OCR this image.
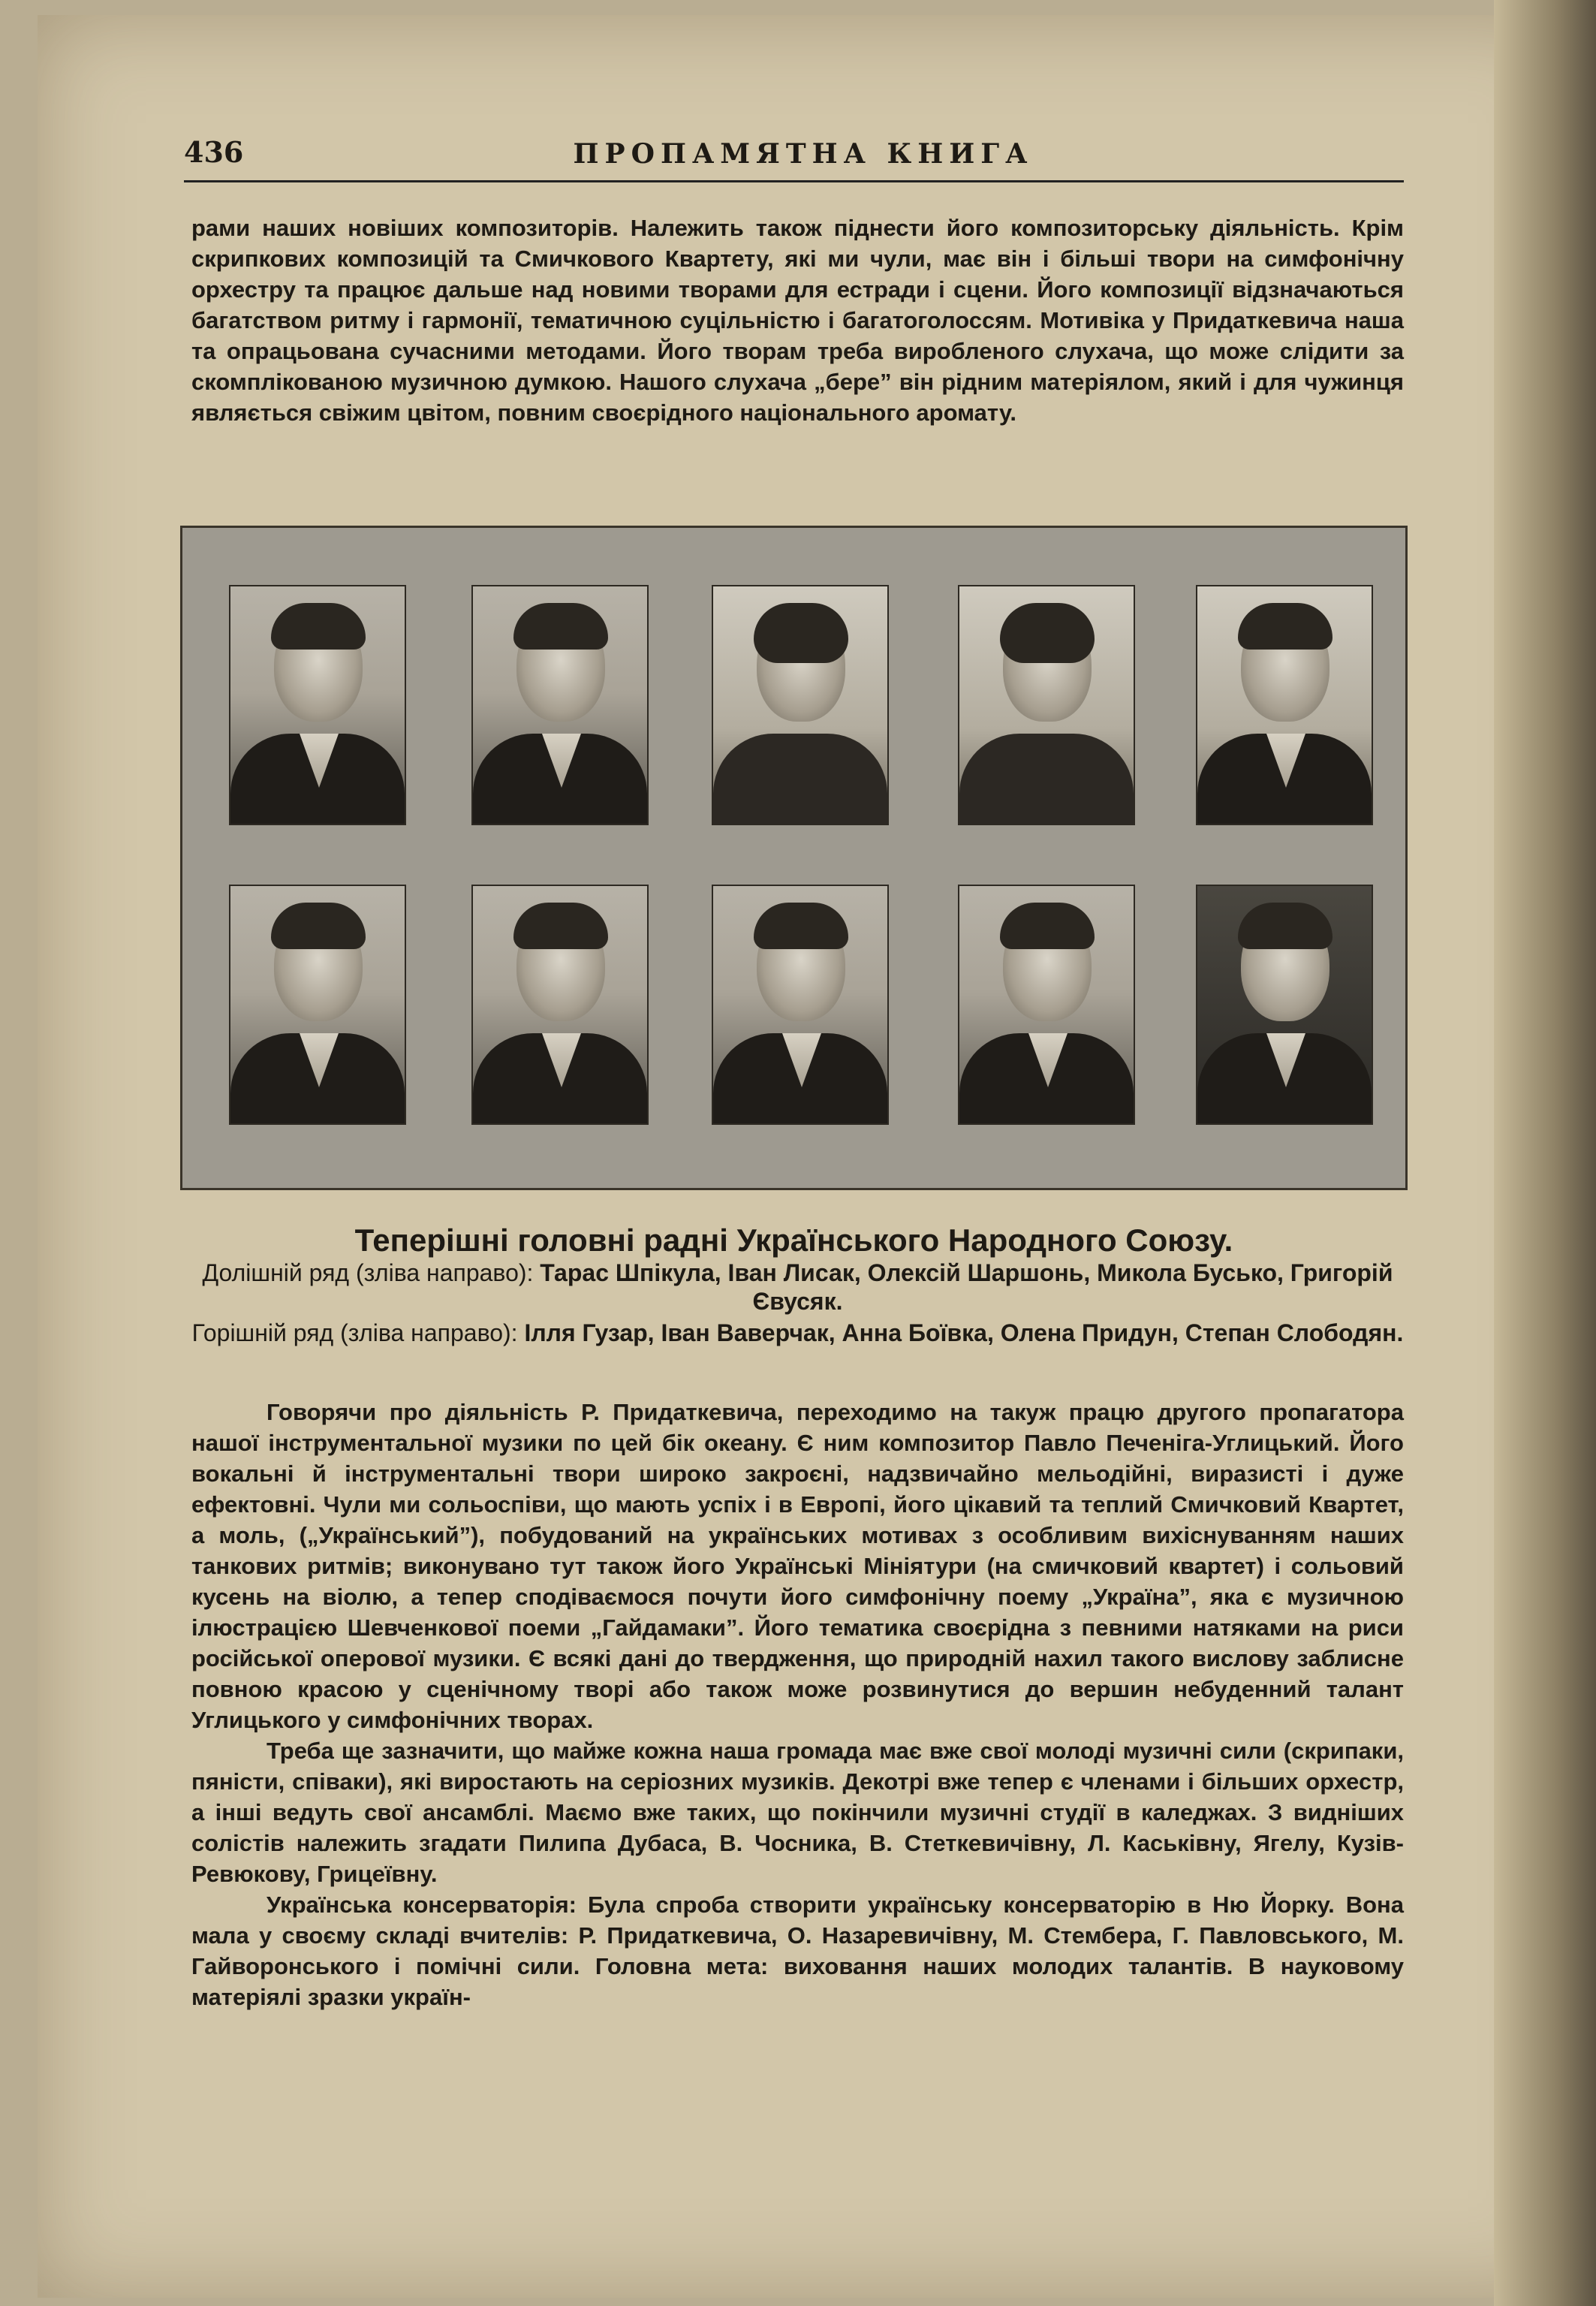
436	ПРОПАМЯТНА КНИГА

рами наших новіших композиторів. Належить також піднести його композиторську діяльність. Крім скрипкових композицій та Смичкового Квартету, які ми чули, має він і більші твори на симфонічну орхестру та працює дальше над новими творами для естради і сцени. Його композиції відзначаються багатством ритму і гармонії, тематичною суцільністю і багатоголоссям. Мотивіка у Придаткевича наша та опрацьована сучасними методами. Його творам треба виробленого слухача, що може слідити за скомплікованою музичною думкою. Нашого слухача „бере” він рідним матеріялом, який і для чужинця являється свіжим цвітом, повним своєрідного національного аромату.

Теперішні головні радні Українського Народного Союзу.
Долішній ряд (зліва направо): Тарас Шпікула, Іван Лисак, Олексій Шаршонь, Микола Бусько, Григорій Євусяк.
Горішній ряд (зліва направо): Ілля Гузар, Іван Ваверчак, Анна Боївка, Олена Придун, Степан Слободян.

Говорячи про діяльність Р. Придаткевича, переходимо на такуж працю другого пропагатора нашої інструментальної музики по цей бік океану. Є ним композитор Павло Печеніга-Углицький. Його вокальні й інструментальні твори широко закроєні, надзвичайно мельодійні, виразисті і дуже ефектовні. Чули ми сольоспіви, що мають успіх і в Европі, його цікавий та теплий Смичковий Квартет, а моль, („Український”), побудований на українських мотивах з особливим вихіснуванням наших танкових ритмів; виконувано тут також його Українські Мініятури (на смичковий квартет) і сольовий кусень на віолю, а тепер сподіваємося почути його симфонічну поему „Україна”, яка є музичною ілюстрацією Шевченкової поеми „Гайдамаки”. Його тематика своєрідна з певними натяками на риси російської оперової музики. Є всякі дані до твердження, що природній нахил такого вислову заблисне повною красою у сценічному творі або також може розвинутися до вершин небуденний талант Углицького у симфонічних творах.

Треба ще зазначити, що майже кожна наша громада має вже свої молоді музичні сили (скрипаки, пяністи, співаки), які виростають на серіозних музиків. Декотрі вже тепер є членами і більших орхестр, а інші ведуть свої ансамблі. Маємо вже таких, що покінчили музичні студії в каледжах. З видніших солістів належить згадати Пилипа Дубаса, В. Чосника, В. Стеткевичівну, Л. Каськівну, Ягелу, Кузів-Ревюкову, Грицеївну.

Українська консерваторія: Була спроба створити українську консерваторію в Ню Йорку. Вона мала у своєму складі вчителів: Р. Придаткевича, О. Назаревичівну, М. Стембера, Г. Павловського, М. Гайворонського і помічні сили. Головна мета: виховання наших молодих талантів. В науковому матеріялі зразки україн-
